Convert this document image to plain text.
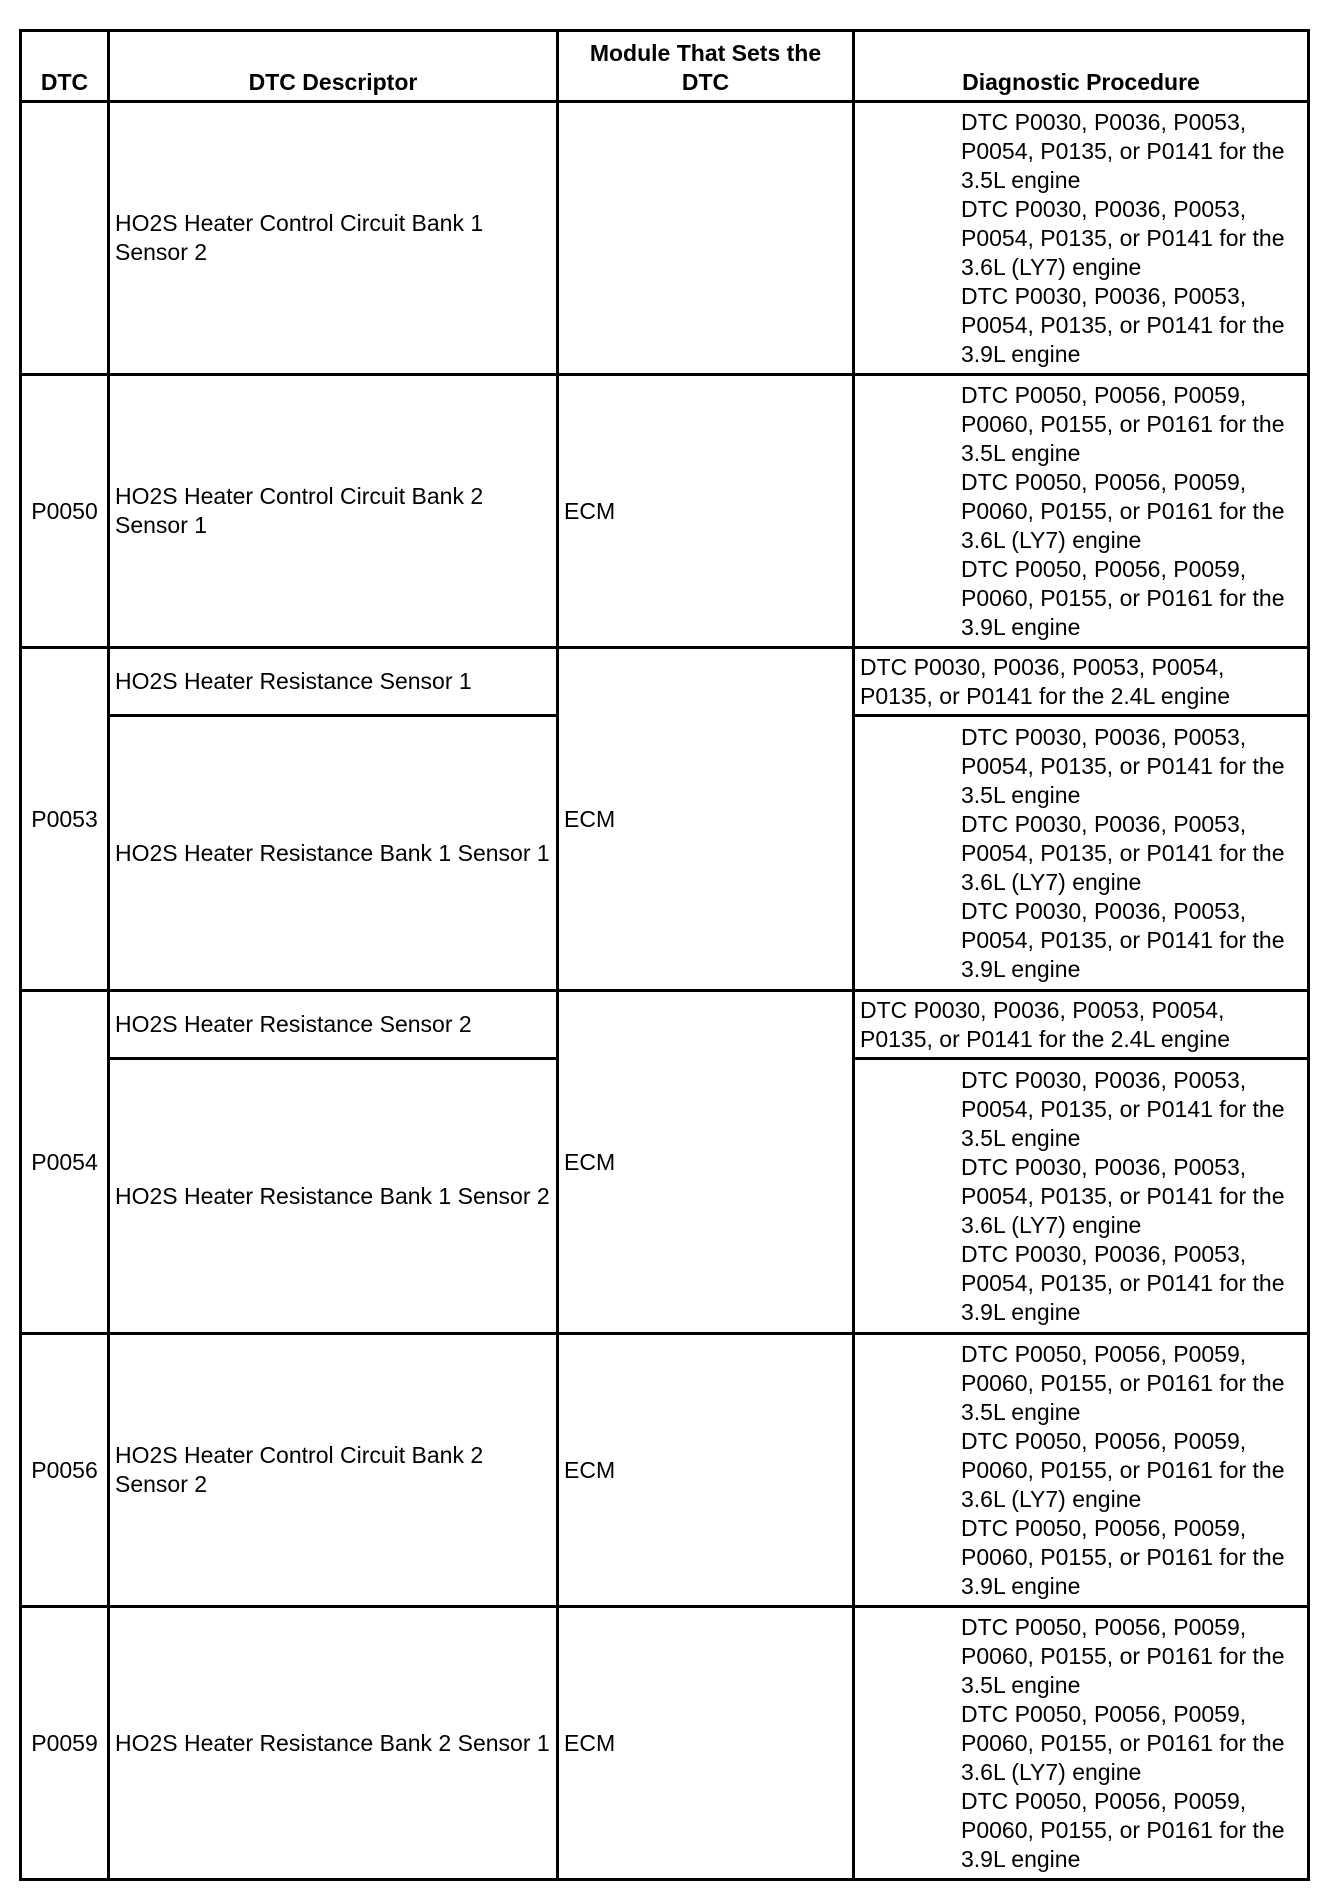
DTC	DTC Descriptor	Module That Sets the DTC	Diagnostic Procedure
	HO2S Heater Control Circuit Bank 1 Sensor 2		DTC P0030, P0036, P0053, P0054, P0135, or P0141 for the 3.5L engine
DTC P0030, P0036, P0053, P0054, P0135, or P0141 for the 3.6L (LY7) engine
DTC P0030, P0036, P0053, P0054, P0135, or P0141 for the 3.9L engine

P0050	HO2S Heater Control Circuit Bank 2 Sensor 1	ECM	DTC P0050, P0056, P0059, P0060, P0155, or P0161 for the 3.5L engine
DTC P0050, P0056, P0059, P0060, P0155, or P0161 for the 3.6L (LY7) engine
DTC P0050, P0056, P0059, P0060, P0155, or P0161 for the 3.9L engine

P0053	HO2S Heater Resistance Sensor 1	ECM	DTC P0030, P0036, P0053, P0054, P0135, or P0141 for the 2.4L engine

	HO2S Heater Resistance Bank 1 Sensor 1		DTC P0030, P0036, P0053, P0054, P0135, or P0141 for the 3.5L engine
DTC P0030, P0036, P0053, P0054, P0135, or P0141 for the 3.6L (LY7) engine
DTC P0030, P0036, P0053, P0054, P0135, or P0141 for the 3.9L engine

P0054	HO2S Heater Resistance Sensor 2	ECM	DTC P0030, P0036, P0053, P0054, P0135, or P0141 for the 2.4L engine

	HO2S Heater Resistance Bank 1 Sensor 2		DTC P0030, P0036, P0053, P0054, P0135, or P0141 for the 3.5L engine
DTC P0030, P0036, P0053, P0054, P0135, or P0141 for the 3.6L (LY7) engine
DTC P0030, P0036, P0053, P0054, P0135, or P0141 for the 3.9L engine

P0056	HO2S Heater Control Circuit Bank 2 Sensor 2	ECM	DTC P0050, P0056, P0059, P0060, P0155, or P0161 for the 3.5L engine
DTC P0050, P0056, P0059, P0060, P0155, or P0161 for the 3.6L (LY7) engine
DTC P0050, P0056, P0059, P0060, P0155, or P0161 for the 3.9L engine

P0059	HO2S Heater Resistance Bank 2 Sensor 1	ECM	DTC P0050, P0056, P0059, P0060, P0155, or P0161 for the 3.5L engine
DTC P0050, P0056, P0059, P0060, P0155, or P0161 for the 3.6L (LY7) engine
DTC P0050, P0056, P0059, P0060, P0155, or P0161 for the 3.9L engine
